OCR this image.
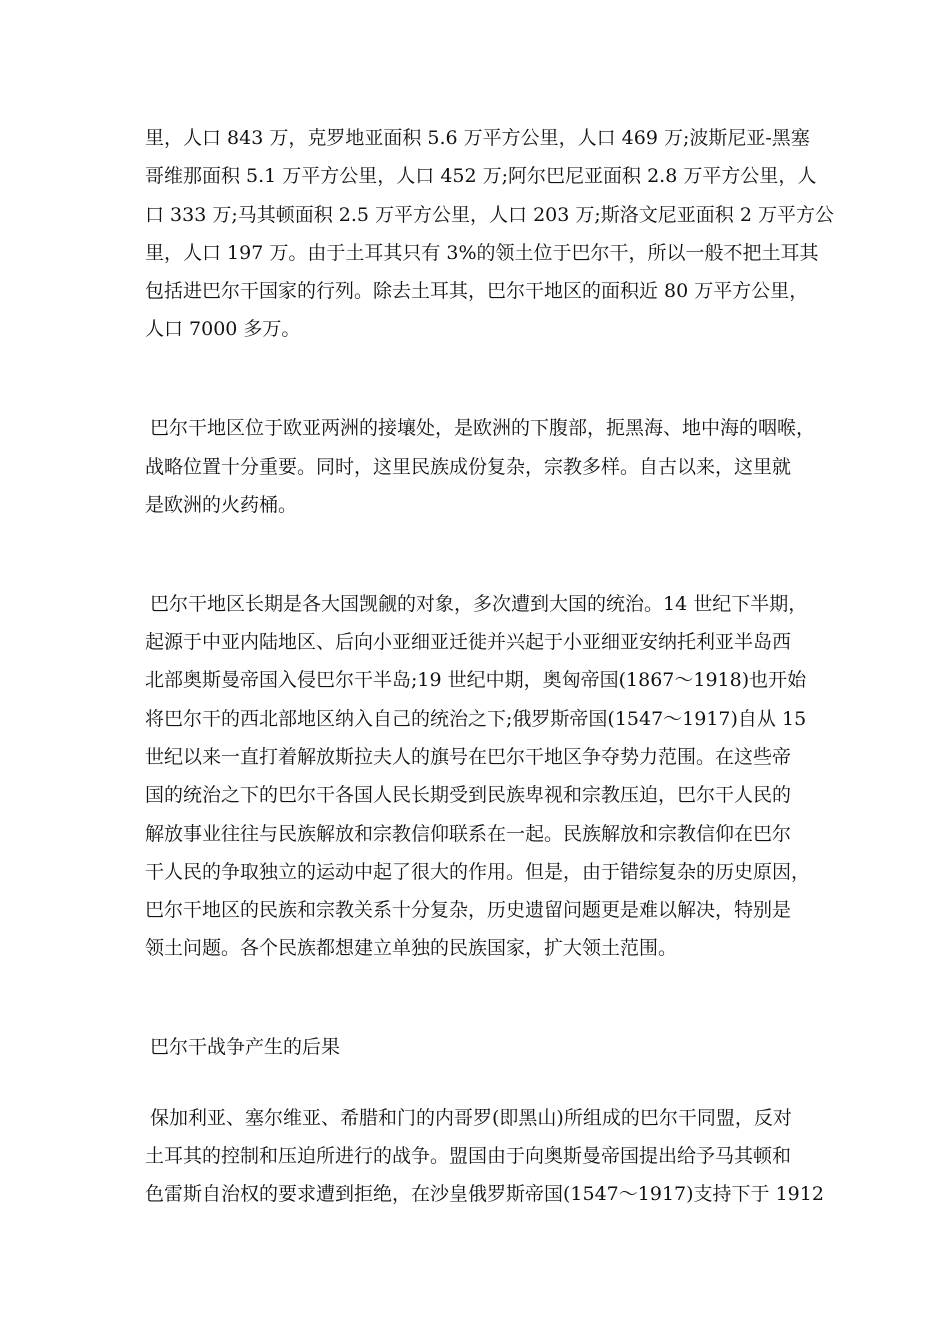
里，人口 843 万，克罗地亚面积 5.6 万平方公里，人口 469 万;波斯尼亚-黑塞
哥维那面积 5.1 万平方公里，人口 452 万;阿尔巴尼亚面积 2.8 万平方公里，人
口 333 万;马其顿面积 2.5 万平方公里，人口 203 万;斯洛文尼亚面积 2 万平方公
里，人口 197 万。由于土耳其只有 3%的领土位于巴尔干，所以一般不把土耳其
包括进巴尔干国家的行列。除去土耳其，巴尔干地区的面积近 80 万平方公里，
人口 7000 多万。
巴尔干地区位于欧亚两洲的接壤处，是欧洲的下腹部，扼黑海、地中海的咽喉，
战略位置十分重要。同时，这里民族成份复杂，宗教多样。自古以来，这里就
是欧洲的火药桶。
巴尔干地区长期是各大国觊觎的对象，多次遭到大国的统治。14 世纪下半期，
起源于中亚内陆地区、后向小亚细亚迁徙并兴起于小亚细亚安纳托利亚半岛西
北部奥斯曼帝国入侵巴尔干半岛;19 世纪中期，奥匈帝国(1867～1918)也开始
将巴尔干的西北部地区纳入自己的统治之下;俄罗斯帝国(1547～1917)自从 15
世纪以来一直打着解放斯拉夫人的旗号在巴尔干地区争夺势力范围。在这些帝
国的统治之下的巴尔干各国人民长期受到民族卑视和宗教压迫，巴尔干人民的
解放事业往往与民族解放和宗教信仰联系在一起。民族解放和宗教信仰在巴尔
干人民的争取独立的运动中起了很大的作用。但是，由于错综复杂的历史原因，
巴尔干地区的民族和宗教关系十分复杂，历史遗留问题更是难以解决，特别是
领土问题。各个民族都想建立单独的民族国家，扩大领土范围。
巴尔干战争产生的后果
保加利亚、塞尔维亚、希腊和门的内哥罗(即黑山)所组成的巴尔干同盟，反对
土耳其的控制和压迫所进行的战争。盟国由于向奥斯曼帝国提出给予马其顿和
色雷斯自治权的要求遭到拒绝，在沙皇俄罗斯帝国(1547～1917)支持下于 1912
